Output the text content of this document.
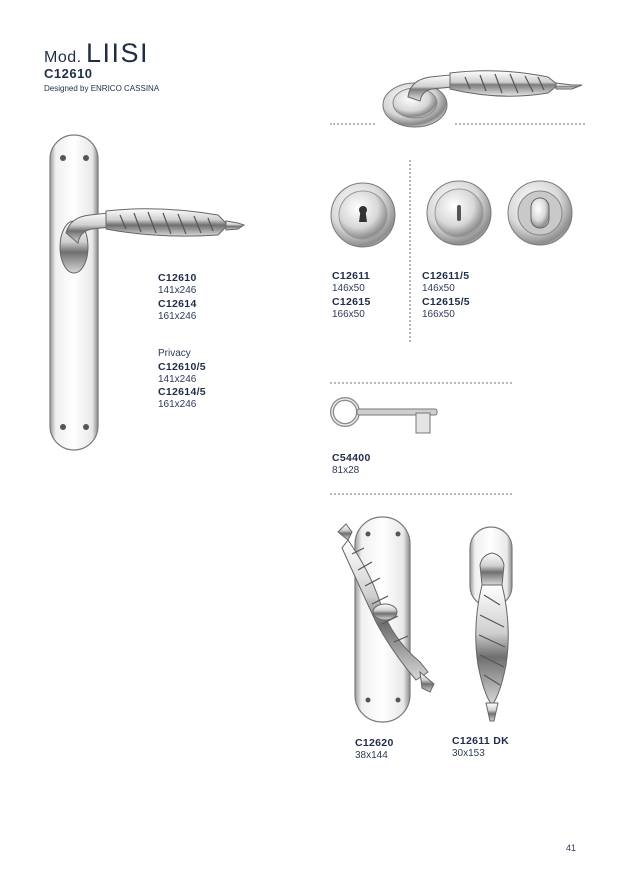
Mod. LIISI
C12610
Designed by ENRICO CASSINA
C12610
141x246
C12614
161x246
Privacy
C12610/5
141x246
C12614/5
161x246
C12611
146x50
C12615
166x50
C12611/5
146x50
C12615/5
166x50
C54400
81x28
C12620
38x144
C12611 DK
30x153
41
